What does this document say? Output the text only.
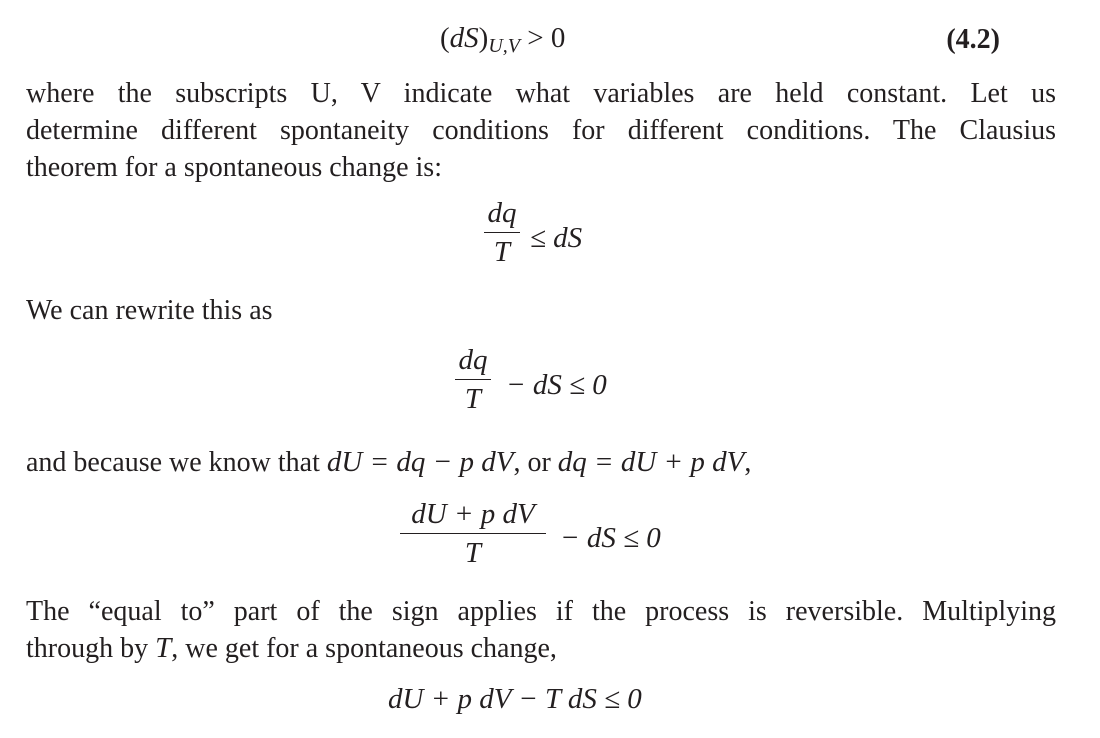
$(dS)_{U,V} > 0$	(4.2)
where the subscripts U, V indicate what variables are held constant. Let us
determine different spontaneity conditions for different conditions. The Clausius
theorem for a spontaneous change is:
dq
T ≤ dS
We can rewrite this as
dq
T − dS ≤ 0
and because we know that dU = dq − p dV, or dq = dU + p dV,
dU + p dV
T	− dS ≤ 0
The “equal to” part of the sign applies if the process is reversible. Multiplying
through by T, we get for a spontaneous change,
dU + p dV − T dS ≤ 0
